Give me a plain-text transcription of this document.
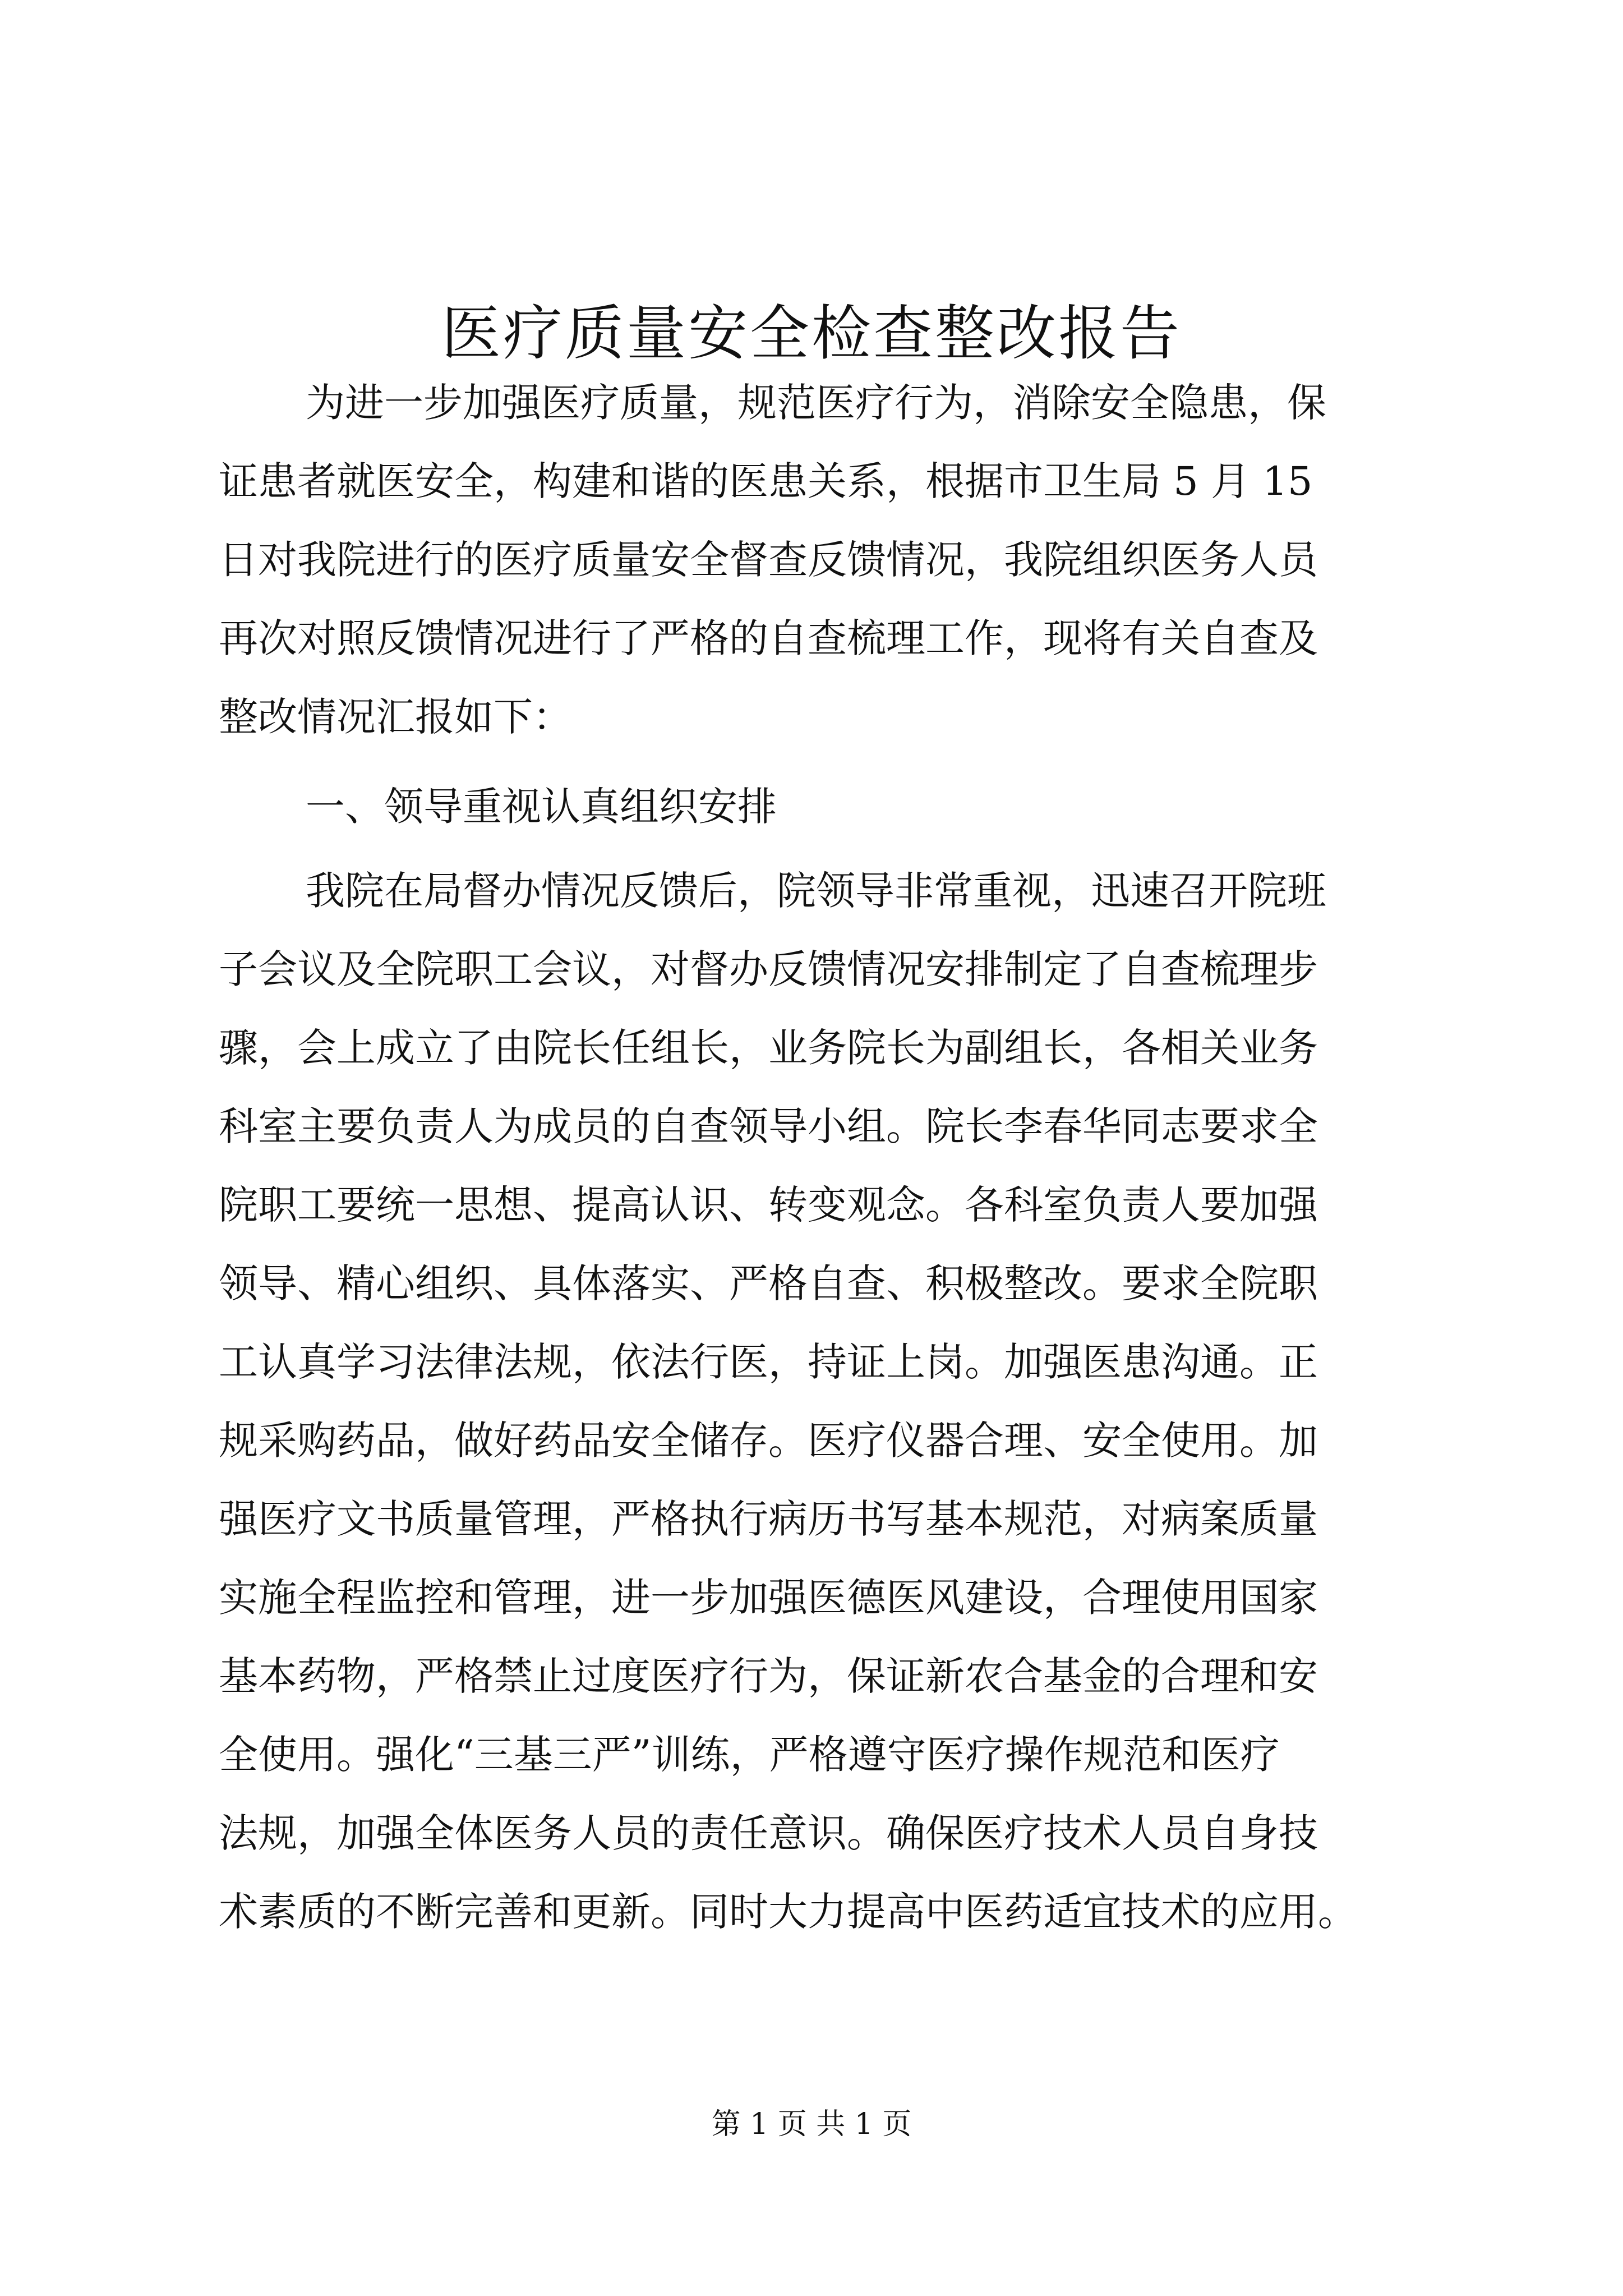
医疗质量安全检查整改报告

为进一步加强医疗质量，规范医疗行为，消除安全隐患，保

证患者就医安全，构建和谐的医患关系，根据市卫生局 5 月 15

日对我院进行的医疗质量安全督查反馈情况，我院组织医务人员

再次对照反馈情况进行了严格的自查梳理工作，现将有关自查及

整改情况汇报如下：

一、领导重视认真组织安排

我院在局督办情况反馈后，院领导非常重视，迅速召开院班

子会议及全院职工会议，对督办反馈情况安排制定了自查梳理步

骤，会上成立了由院长任组长，业务院长为副组长，各相关业务

科室主要负责人为成员的自查领导小组。院长李春华同志要求全

院职工要统一思想、提高认识、转变观念。各科室负责人要加强

领导、精心组织、具体落实、严格自查、积极整改。要求全院职

工认真学习法律法规，依法行医，持证上岗。加强医患沟通。正

规采购药品，做好药品安全储存。医疗仪器合理、安全使用。加

强医疗文书质量管理，严格执行病历书写基本规范，对病案质量

实施全程监控和管理，进一步加强医德医风建设，合理使用国家

基本药物，严格禁止过度医疗行为，保证新农合基金的合理和安

全使用。强化“三基三严”训练，严格遵守医疗操作规范和医疗

法规，加强全体医务人员的责任意识。确保医疗技术人员自身技

术素质的不断完善和更新。同时大力提高中医药适宜技术的应用。

第 1 页 共 1 页
